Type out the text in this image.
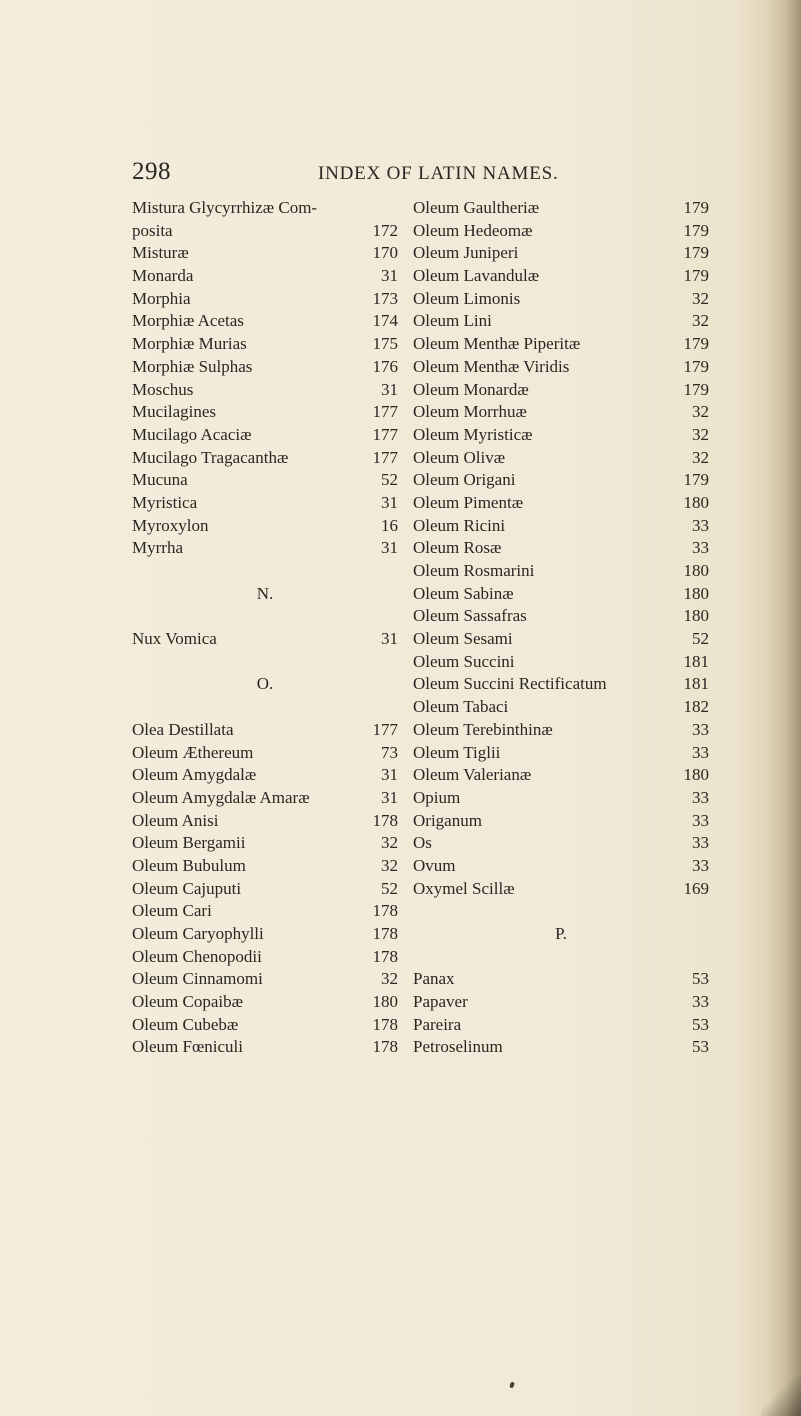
298	INDEX OF LATIN NAMES.
Mistura Glycyrrhizæ Com-
posita	172
Misturæ	170
Monarda	31
Morphia	173
Morphiæ Acetas	174
Morphiæ Murias	175
Morphiæ Sulphas	176
Moschus	31
Mucilagines	177
Mucilago Acaciæ	177
Mucilago Tragacanthæ	177
Mucuna	52
Myristica	31
Myroxylon	16
Myrrha	31
N.
Nux Vomica	31
O.
Olea Destillata	177
Oleum Æthereum	73
Oleum Amygdalæ	31
Oleum Amygdalæ Amaræ	31
Oleum Anisi	178
Oleum Bergamii	32
Oleum Bubulum	32
Oleum Cajuputi	52
Oleum Cari	178
Oleum Caryophylli	178
Oleum Chenopodii	178
Oleum Cinnamomi	32
Oleum Copaibæ	180
Oleum Cubebæ	178
Oleum Fœniculi	178
Oleum Gaultheriæ	179
Oleum Hedeomæ	179
Oleum Juniperi	179
Oleum Lavandulæ	179
Oleum Limonis	32
Oleum Lini	32
Oleum Menthæ Piperitæ	179
Oleum Menthæ Viridis	179
Oleum Monardæ	179
Oleum Morrhuæ	32
Oleum Myristicæ	32
Oleum Olivæ	32
Oleum Origani	179
Oleum Pimentæ	180
Oleum Ricini	33
Oleum Rosæ	33
Oleum Rosmarini	180
Oleum Sabinæ	180
Oleum Sassafras	180
Oleum Sesami	52
Oleum Succini	181
Oleum Succini Rectificatum	181
Oleum Tabaci	182
Oleum Terebinthinæ	33
Oleum Tiglii	33
Oleum Valerianæ	180
Opium	33
Origanum	33
Os	33
Ovum	33
Oxymel Scillæ	169
P.
Panax	53
Papaver	33
Pareira	53
Petroselinum	53
